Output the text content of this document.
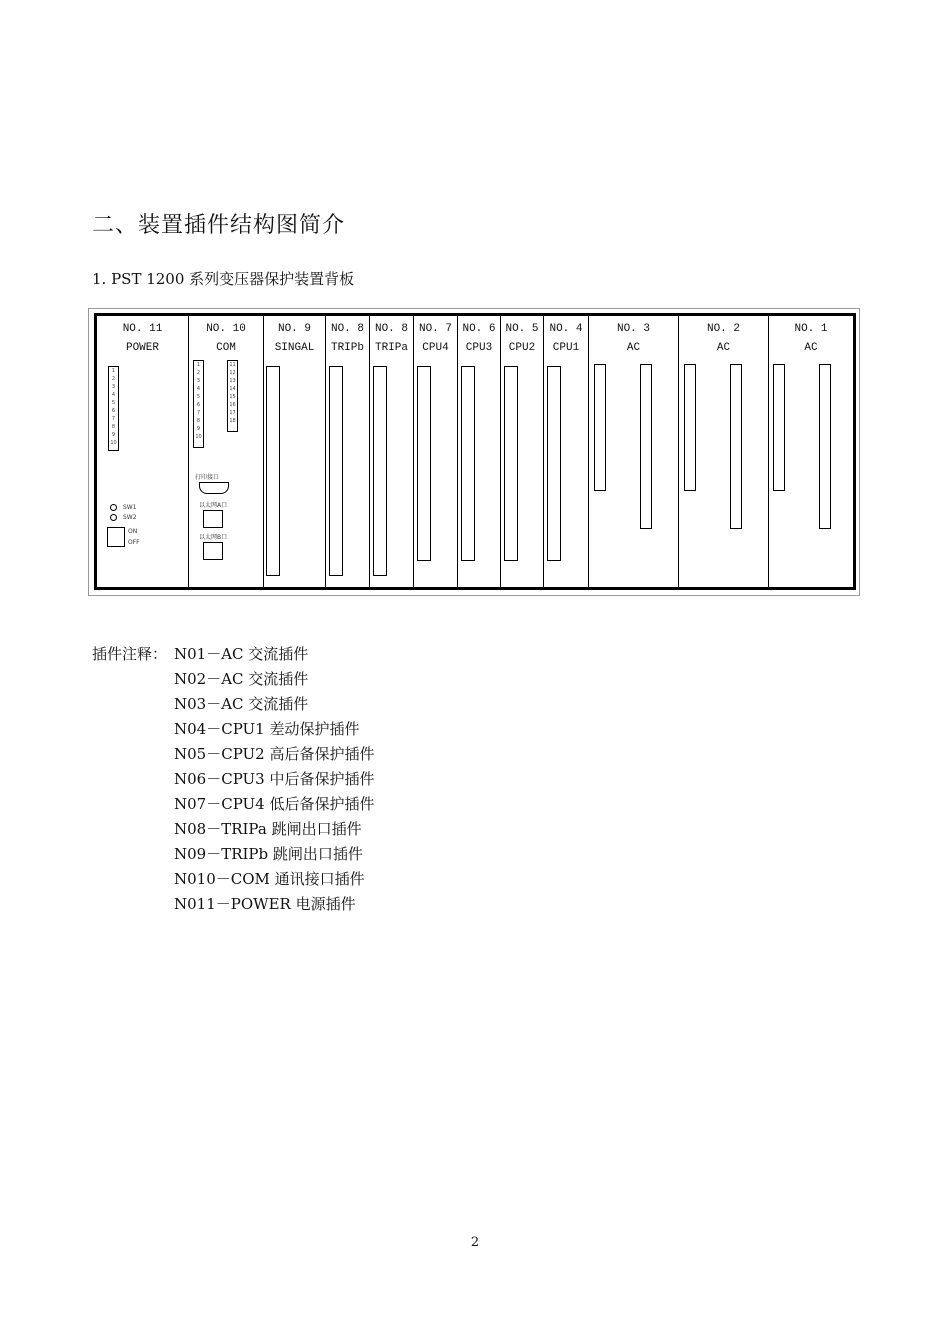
二、装置插件结构图简介
1. PST 1200 系列变压器保护装置背板
NO. 11
POWER
1
2
3
4
5
6
7
8
9
10
SW1
SW2
ON
OFF
NO. 10
COM
1
2
3
4
5
6
7
8
9
10
11
12
13
14
15
16
17
18
打印接口
以太网A口
以太网B口
NO. 9
SINGAL
NO. 8
TRIPb
NO. 8
TRIPa
NO. 7
CPU4
NO. 6
CPU3
NO. 5
CPU2
NO. 4
CPU1
NO. 3
AC
NO. 2
AC
NO. 1
AC
插件注释： N01－AC 交流插件
N02－AC 交流插件
N03－AC 交流插件
N04－CPU1 差动保护插件
N05－CPU2 高后备保护插件
N06－CPU3 中后备保护插件
N07－CPU4 低后备保护插件
N08－TRIPa 跳闸出口插件
N09－TRIPb 跳闸出口插件
N010－COM 通讯接口插件
N011－POWER 电源插件
2
